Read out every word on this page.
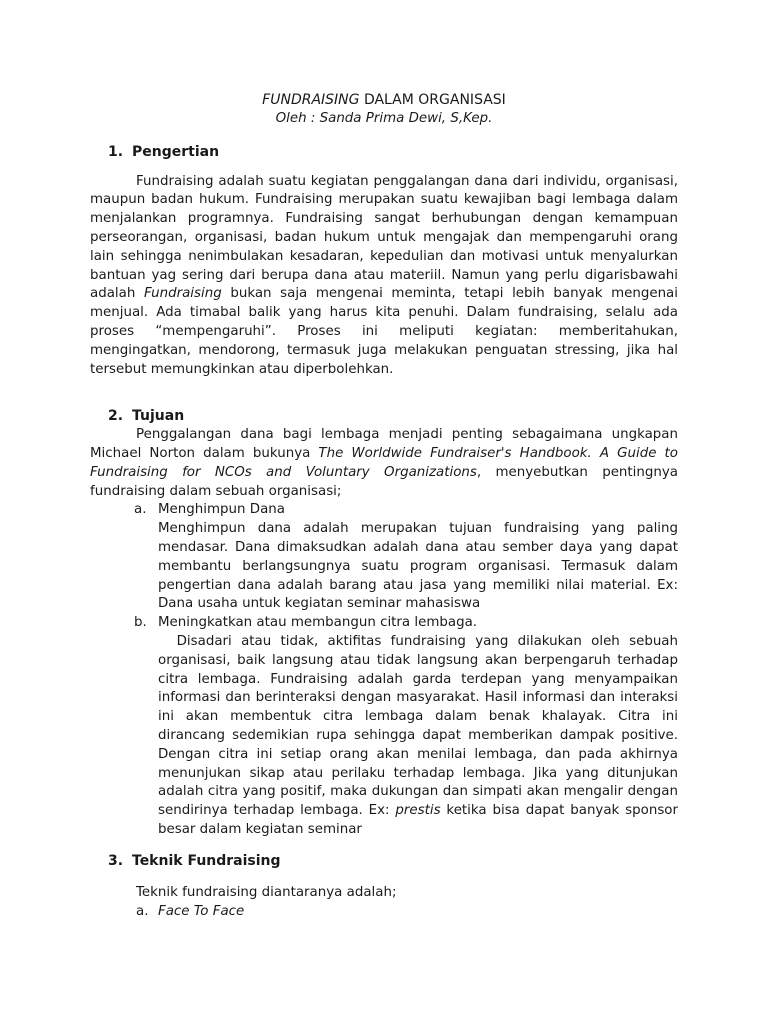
FUNDRAISING DALAM ORGANISASI
Oleh : Sanda Prima Dewi, S,Kep.
1. Pengertian

Fundraising adalah suatu kegiatan penggalangan dana dari individu, organisasi, maupun badan hukum. Fundraising merupakan suatu kewajiban bagi lembaga dalam menjalankan programnya. Fundraising sangat berhubungan dengan kemampuan perseorangan, organisasi, badan hukum untuk mengajak dan mempengaruhi orang lain sehingga nenimbulakan kesadaran, kepedulian dan motivasi untuk menyalurkan bantuan yag sering dari berupa dana atau materiil. Namun yang perlu digarisbawahi adalah Fundraising bukan saja mengenai meminta, tetapi lebih banyak mengenai menjual. Ada timabal balik yang harus kita penuhi. Dalam fundraising, selalu ada proses “mempengaruhi”. Proses ini meliputi kegiatan: memberitahukan, mengingatkan, mendorong, termasuk juga melakukan penguatan stressing, jika hal tersebut memungkinkan atau diperbolehkan.

2. Tujuan

Penggalangan dana bagi lembaga menjadi penting sebagaimana ungkapan Michael Norton dalam bukunya The Worldwide Fundraiser's Handbook. A Guide to Fundraising for NCOs and Voluntary Organizations, menyebutkan pentingnya fundraising dalam sebuah organisasi;

a. Menghimpun Dana

Menghimpun dana adalah merupakan tujuan fundraising yang paling mendasar. Dana dimaksudkan adalah dana atau sember daya yang dapat membantu berlangsungnya suatu program organisasi. Termasuk dalam pengertian dana adalah barang atau jasa yang memiliki nilai material. Ex: Dana usaha untuk kegiatan seminar mahasiswa

b. Meningkatkan atau membangun citra lembaga.

Disadari atau tidak, aktifitas fundraising yang dilakukan oleh sebuah organisasi, baik langsung atau tidak langsung akan berpengaruh terhadap citra lembaga. Fundraising adalah garda terdepan yang menyampaikan informasi dan berinteraksi dengan masyarakat. Hasil informasi dan interaksi ini akan membentuk citra lembaga dalam benak khalayak. Citra ini dirancang sedemikian rupa sehingga dapat memberikan dampak positive. Dengan citra ini setiap orang akan menilai lembaga, dan pada akhirnya menunjukan sikap atau perilaku terhadap lembaga. Jika yang ditunjukan adalah citra yang positif, maka dukungan dan simpati akan mengalir dengan sendirinya terhadap lembaga. Ex: prestis ketika bisa dapat banyak sponsor besar dalam kegiatan seminar

3. Teknik Fundraising
Teknik fundraising diantaranya adalah;
a. Face To Face
